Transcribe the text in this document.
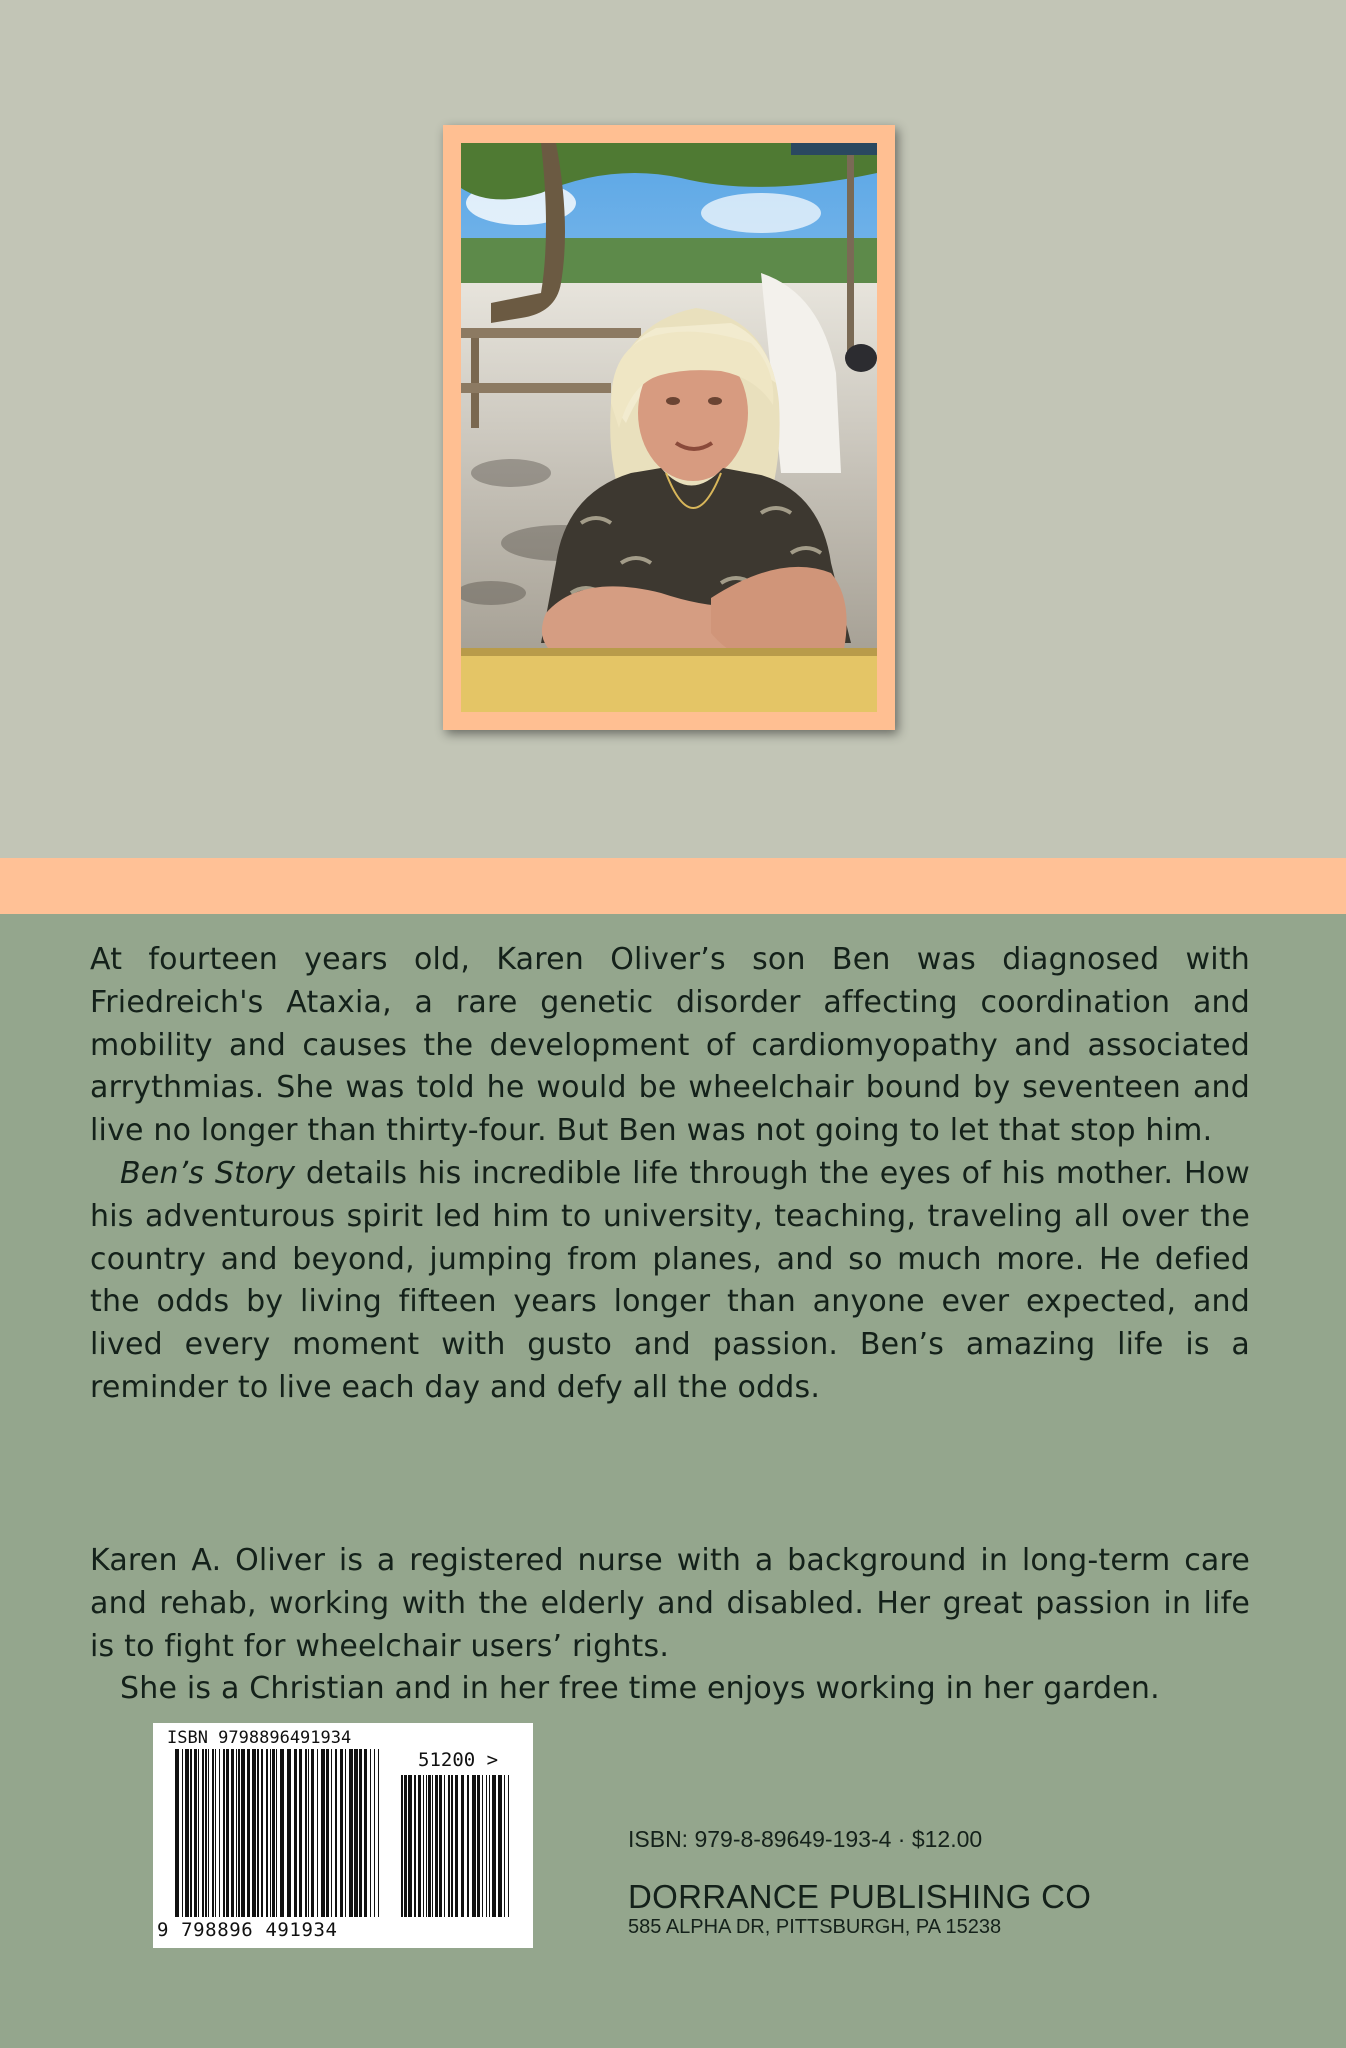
At fourteen years old, Karen Oliver’s son Ben was diagnosed with Friedreich's Ataxia, a rare genetic disorder affecting coordination and mobility and causes the development of cardiomyopathy and associated arrythmias. She was told he would be wheelchair bound by seventeen and live no longer than thirty-four. But Ben was not going to let that stop him.

Ben’s Story details his incredible life through the eyes of his mother. How his adventurous spirit led him to university, teaching, traveling all over the country and beyond, jumping from planes, and so much more. He defied the odds by living fifteen years longer than anyone ever expected, and lived every moment with gusto and passion. Ben’s amazing life is a reminder to live each day and defy all the odds.

Karen A. Oliver is a registered nurse with a background in long-term care and rehab, working with the elderly and disabled. Her great passion in life is to fight for wheelchair users’ rights.

She is a Christian and in her free time enjoys working in her garden.

ISBN 9798896491934
51200 >
9 798896 491934
ISBN: 979-8-89649-193-4 · $12.00
DORRANCE PUBLISHING CO
585 ALPHA DR, PITTSBURGH, PA 15238
